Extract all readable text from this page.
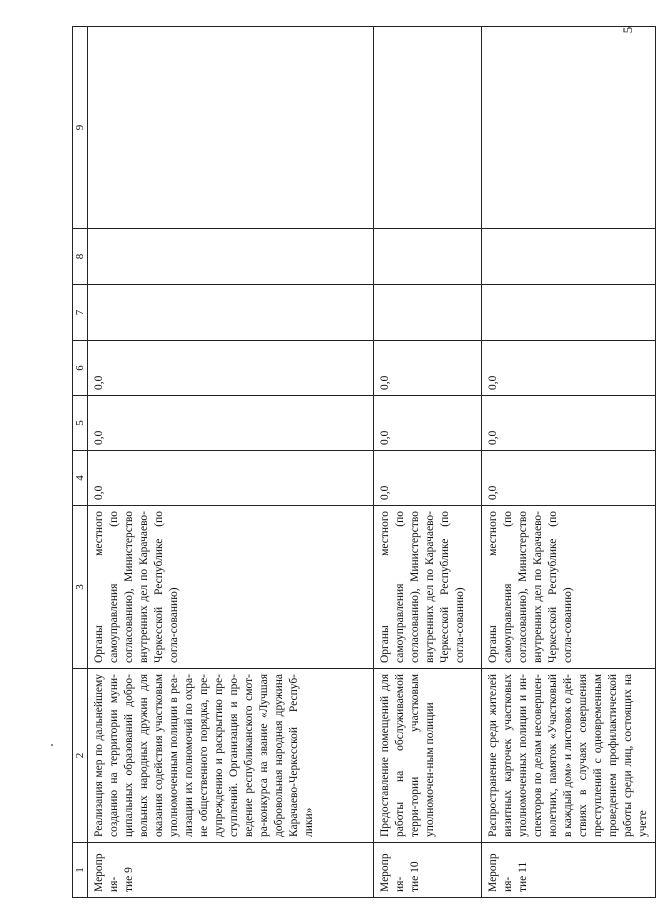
5
1	2	3	4	5	6	7	8	9
Мероприя-
тие 9	Реализация мер по дальнейшему созданию на территории муни-ципальных образований добро-вольных народных дружин для оказания содействия участковым уполномоченным полиции в реа-лизации их полномочий по охра-не общественного порядка, пре-дупреждению и раскрытию пре-ступлений. Организация и про-ведение республиканского смот-ра-конкурса на звание «Лучшая добровольная народная дружина Карачаево-Черкесской Респуб-лики»	Органы местного самоуправления (по согласованию), Министерство внутренних дел по Карачаево-Черкесской Республике (по согла-сованию)	0,0	0,0	0,0			
Мероприя-
тие 10	Предоставление помещений для работы на обслуживаемой терри-тории участковым уполномочен-ным полиции	Органы местного самоуправления (по согласованию), Министерство внутренних дел по Карачаево-Черкесской Республике (по согла-сованию)	0,0	0,0	0,0			
Мероприя-
тие 11	Распространение среди жителей визитных карточек участковых уполномоченных полиции и ин-спекторов по делам несовершен-нолетних, памяток «Участковый в каждый дом» и листовок о дей-ствиях в случаях совершения преступлений с одновременным проведением профилактической работы среди лиц, состоящих на учете	Органы местного самоуправления (по согласованию), Министерство внутренних дел по Карачаево-Черкесской Республике (по согла-сованию)	0,0	0,0	0,0			
